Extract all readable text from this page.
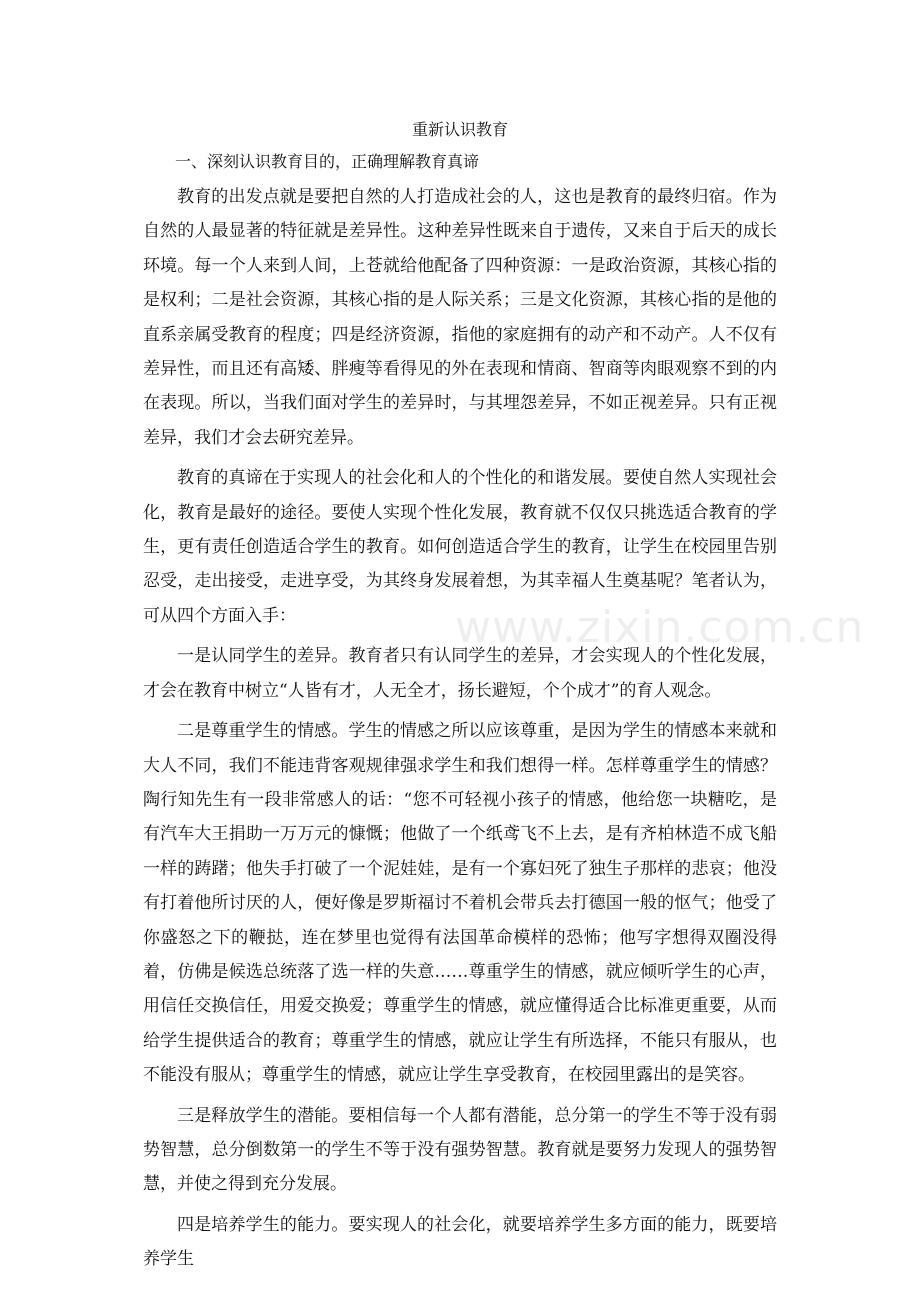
重新认识教育

一、深刻认识教育目的，正确理解教育真谛

教育的出发点就是要把自然的人打造成社会的人，这也是教育的最终归宿。作为自然的人最显著的特征就是差异性。这种差异性既来自于遗传，又来自于后天的成长环境。每一个人来到人间，上苍就给他配备了四种资源：一是政治资源，其核心指的是权利；二是社会资源，其核心指的是人际关系；三是文化资源，其核心指的是他的直系亲属受教育的程度；四是经济资源，指他的家庭拥有的动产和不动产。人不仅有差异性，而且还有高矮、胖瘦等看得见的外在表现和情商、智商等肉眼观察不到的内在表现。所以，当我们面对学生的差异时，与其埋怨差异，不如正视差异。只有正视差异，我们才会去研究差异。

教育的真谛在于实现人的社会化和人的个性化的和谐发展。要使自然人实现社会化，教育是最好的途径。要使人实现个性化发展，教育就不仅仅只挑选适合教育的学生，更有责任创造适合学生的教育。如何创造适合学生的教育，让学生在校园里告别忍受，走出接受，走进享受，为其终身发展着想，为其幸福人生奠基呢？笔者认为，可从四个方面入手：

一是认同学生的差异。教育者只有认同学生的差异，才会实现人的个性化发展，才会在教育中树立“人皆有才，人无全才，扬长避短，个个成才”的育人观念。

二是尊重学生的情感。学生的情感之所以应该尊重，是因为学生的情感本来就和大人不同，我们不能违背客观规律强求学生和我们想得一样。怎样尊重学生的情感？陶行知先生有一段非常感人的话：“您不可轻视小孩子的情感，他给您一块糖吃，是有汽车大王捐助一万万元的慷慨；他做了一个纸鸢飞不上去，是有齐柏林造不成飞船一样的踌躇；他失手打破了一个泥娃娃，是有一个寡妇死了独生子那样的悲哀；他没有打着他所讨厌的人，便好像是罗斯福讨不着机会带兵去打德国一般的怄气；他受了你盛怒之下的鞭挞，连在梦里也觉得有法国革命模样的恐怖；他写字想得双圈没得着，仿佛是候选总统落了选一样的失意……尊重学生的情感，就应倾听学生的心声，用信任交换信任，用爱交换爱；尊重学生的情感，就应懂得适合比标准更重要，从而给学生提供适合的教育；尊重学生的情感，就应让学生有所选择，不能只有服从，也不能没有服从；尊重学生的情感，就应让学生享受教育，在校园里露出的是笑容。

三是释放学生的潜能。要相信每一个人都有潜能，总分第一的学生不等于没有弱势智慧，总分倒数第一的学生不等于没有强势智慧。教育就是要努力发现人的强势智慧，并使之得到充分发展。

四是培养学生的能力。要实现人的社会化，就要培养学生多方面的能力，既要培养学生

www.zixin.com.cn
